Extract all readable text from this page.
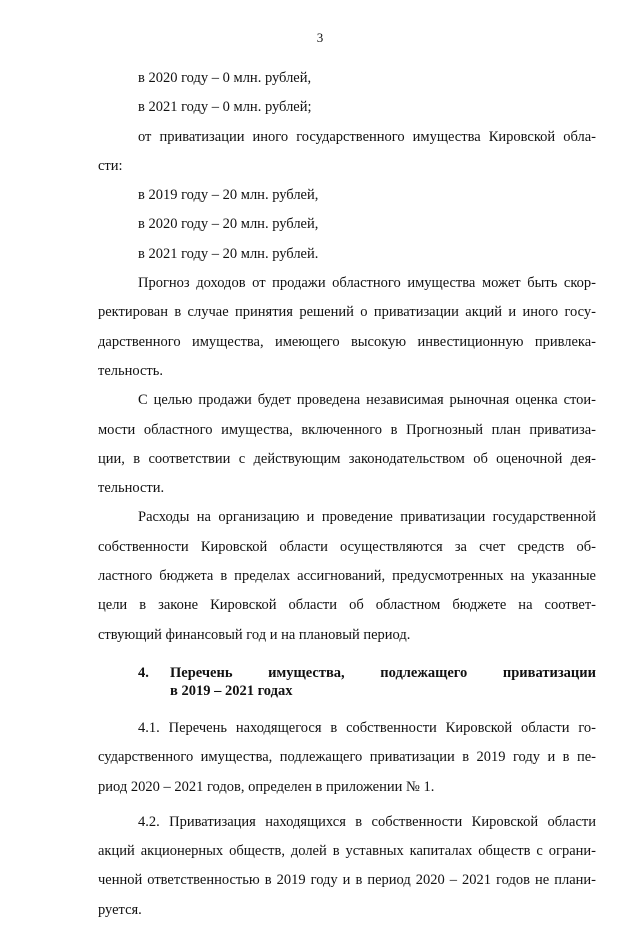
3
в 2020 году – 0 млн. рублей,
в 2021 году – 0 млн. рублей;
от приватизации иного государственного имущества Кировской обла-
сти:
в 2019 году – 20 млн. рублей,
в 2020 году – 20 млн. рублей,
в 2021 году – 20 млн. рублей.
Прогноз доходов от продажи областного имущества может быть скор-
ректирован в случае принятия решений о приватизации акций и иного госу-
дарственного имущества, имеющего высокую инвестиционную привлека-
тельность.
С целью продажи будет проведена независимая рыночная оценка стои-
мости областного имущества, включенного в Прогнозный план приватиза-
ции, в соответствии с действующим законодательством об оценочной дея-
тельности.
Расходы на организацию и проведение приватизации государственной
собственности Кировской области осуществляются за счет средств об-
ластного бюджета в пределах ассигнований, предусмотренных на указанные
цели в законе Кировской области об областном бюджете на соответ-
ствующий финансовый год и на плановый период.
4. Перечень имущества, подлежащего приватизации
в 2019 – 2021 годах
4.1. Перечень находящегося в собственности Кировской области го-
сударственного имущества, подлежащего приватизации в 2019 году и в пе-
риод 2020 – 2021 годов, определен в приложении № 1.
4.2. Приватизация находящихся в собственности Кировской области
акций акционерных обществ, долей в уставных капиталах обществ с ограни-
ченной ответственностью в 2019 году и в период 2020 – 2021 годов не плани-
руется.
